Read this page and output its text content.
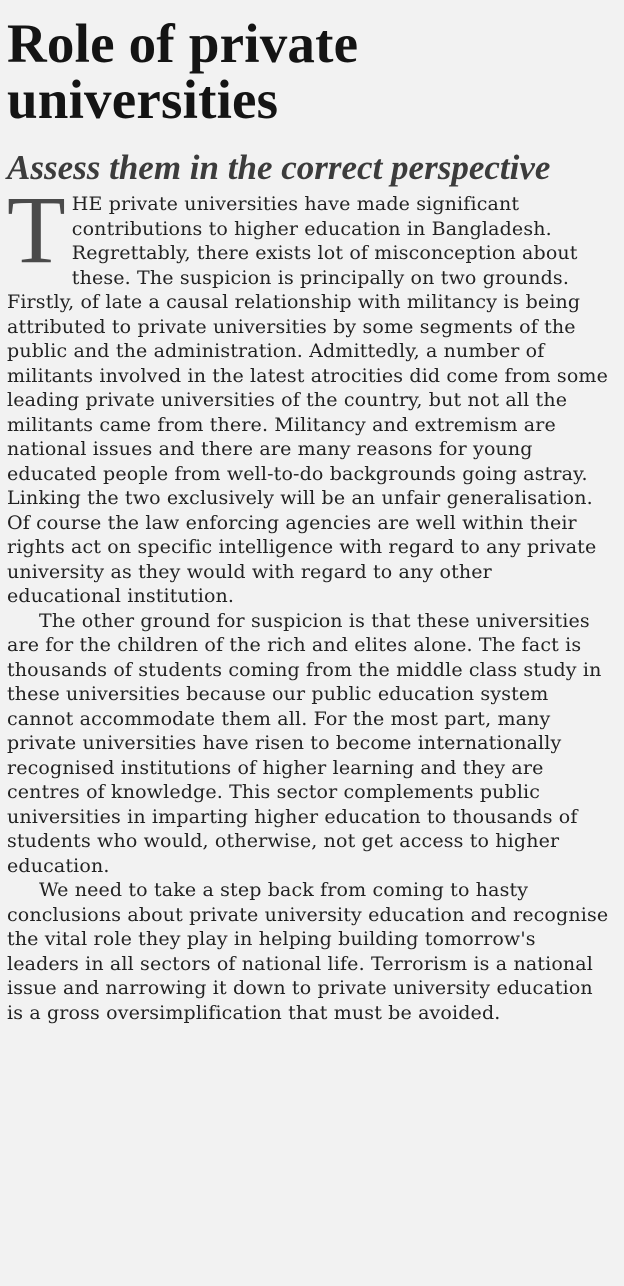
Role of private universities
Assess them in the correct perspective

THE private universities have made significant contributions to higher education in Bangladesh. Regrettably, there exists lot of misconception about these. The suspicion is principally on two grounds. Firstly, of late a causal relationship with militancy is being attributed to private universities by some segments of the public and the administration. Admittedly, a number of militants involved in the latest atrocities did come from some leading private universities of the country, but not all the militants came from there. Militancy and extremism are national issues and there are many reasons for young educated people from well-to-do backgrounds going astray. Linking the two exclusively will be an unfair generalisation. Of course the law enforcing agencies are well within their rights act on specific intelligence with regard to any private university as they would with regard to any other educational institution.

The other ground for suspicion is that these universities are for the children of the rich and elites alone. The fact is thousands of students coming from the middle class study in these universities because our public education system cannot accommodate them all. For the most part, many private universities have risen to become internationally recognised institutions of higher learning and they are centres of knowledge. This sector complements public universities in imparting higher education to thousands of students who would, otherwise, not get access to higher education.

We need to take a step back from coming to hasty conclusions about private university education and recognise the vital role they play in helping building tomorrow's leaders in all sectors of national life. Terrorism is a national issue and narrowing it down to private university education is a gross oversimplification that must be avoided.
